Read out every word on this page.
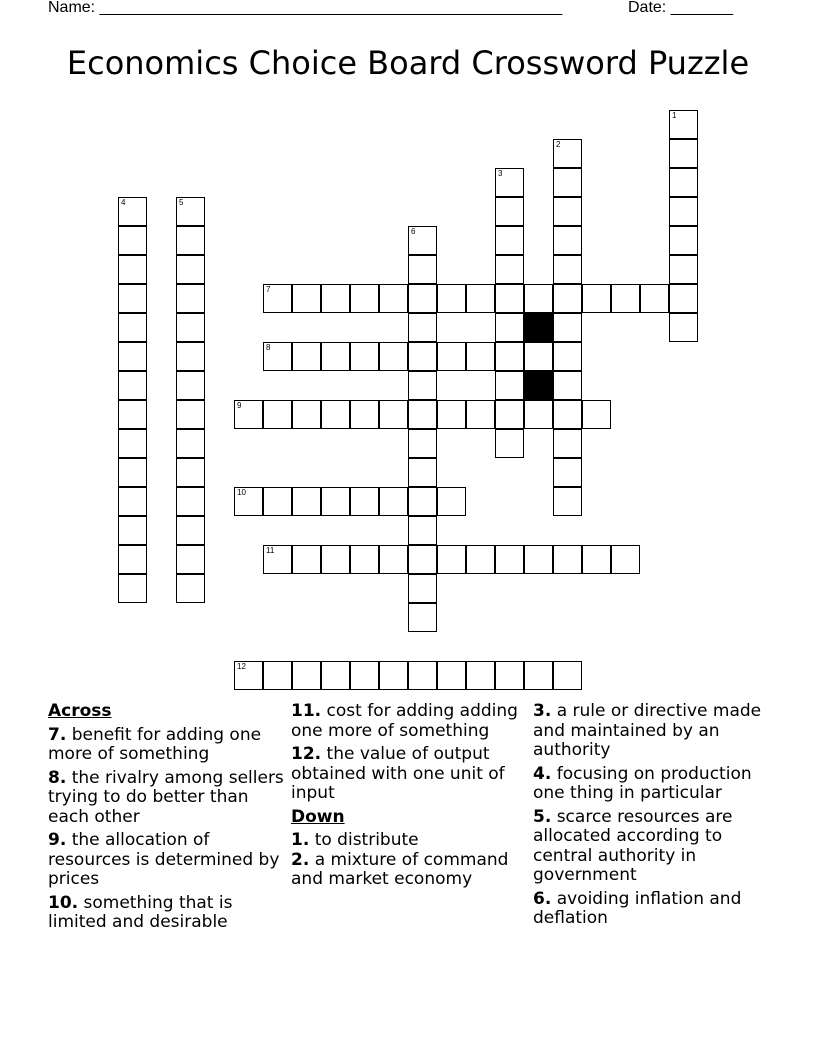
Name: ____________________________________________________	Date: _______
Economics Choice Board Crossword Puzzle
1
2
3
4	5
6
7
8
9
10
11
12
Across
7. benefit for adding one more of something
8. the rivalry among sellers trying to do better than each other
9. the allocation of resources is determined by prices
10. something that is limited and desirable
11. cost for adding adding one more of something
12. the value of output obtained with one unit of input
Down
1. to distribute
2. a mixture of command and market economy
3. a rule or directive made and maintained by an authority
4. focusing on production one thing in particular
5. scarce resources are allocated according to central authority in government
6. avoiding inflation and deflation
